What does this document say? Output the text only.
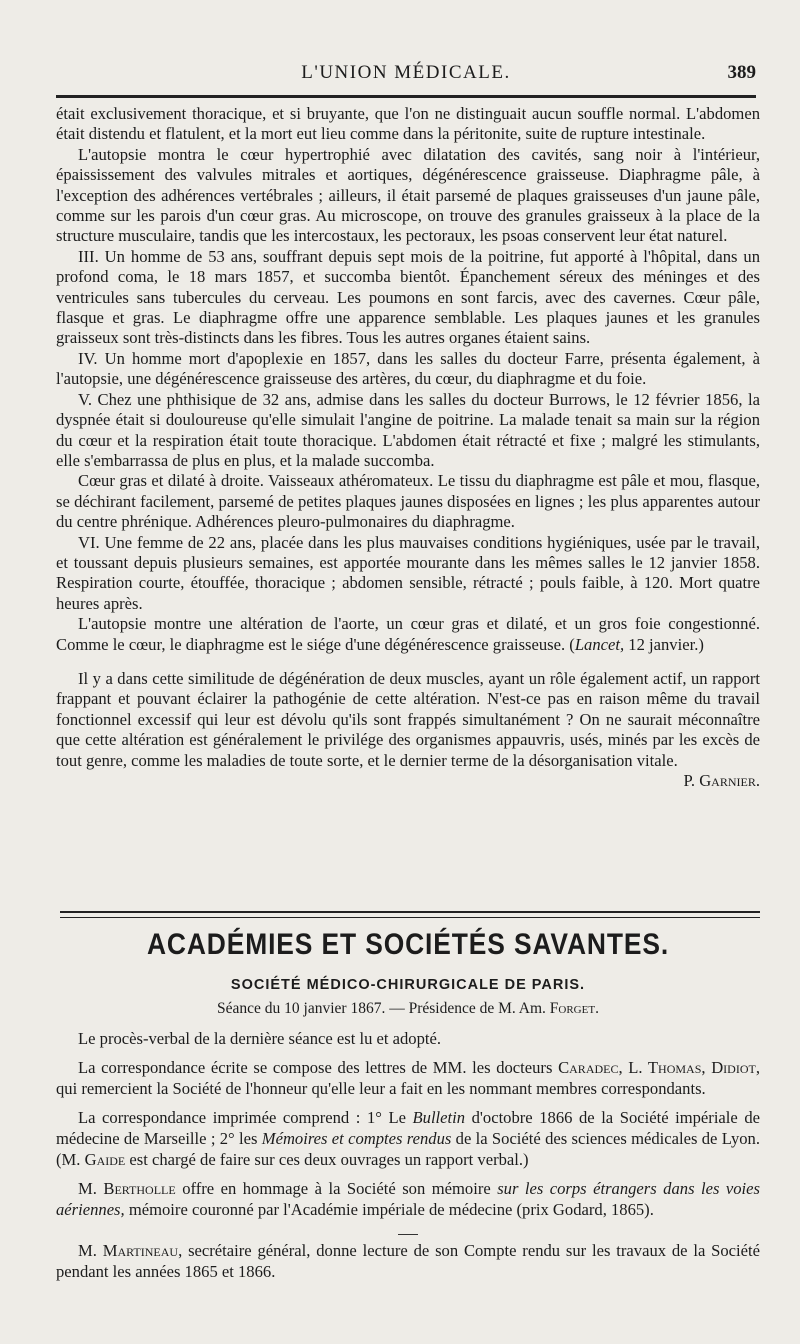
L'UNION MÉDICALE.	389

était exclusivement thoracique, et si bruyante, que l'on ne distinguait aucun souffle normal. L'abdomen était distendu et flatulent, et la mort eut lieu comme dans la péritonite, suite de rupture intestinale.

L'autopsie montra le cœur hypertrophié avec dilatation des cavités, sang noir à l'intérieur, épaississement des valvules mitrales et aortiques, dégénérescence graisseuse. Diaphragme pâle, à l'exception des adhérences vertébrales ; ailleurs, il était parsemé de plaques graisseuses d'un jaune pâle, comme sur les parois d'un cœur gras. Au microscope, on trouve des granules graisseux à la place de la structure musculaire, tandis que les intercostaux, les pectoraux, les psoas conservent leur état naturel.

III. Un homme de 53 ans, souffrant depuis sept mois de la poitrine, fut apporté à l'hôpital, dans un profond coma, le 18 mars 1857, et succomba bientôt. Épanchement séreux des méninges et des ventricules sans tubercules du cerveau. Les poumons en sont farcis, avec des cavernes. Cœur pâle, flasque et gras. Le diaphragme offre une apparence semblable. Les plaques jaunes et les granules graisseux sont très-distincts dans les fibres. Tous les autres organes étaient sains.

IV. Un homme mort d'apoplexie en 1857, dans les salles du docteur Farre, présenta également, à l'autopsie, une dégénérescence graisseuse des artères, du cœur, du diaphragme et du foie.

V. Chez une phthisique de 32 ans, admise dans les salles du docteur Burrows, le 12 février 1856, la dyspnée était si douloureuse qu'elle simulait l'angine de poitrine. La malade tenait sa main sur la région du cœur et la respiration était toute thoracique. L'abdomen était rétracté et fixe ; malgré les stimulants, elle s'embarrassa de plus en plus, et la malade succomba.

Cœur gras et dilaté à droite. Vaisseaux athéromateux. Le tissu du diaphragme est pâle et mou, flasque, se déchirant facilement, parsemé de petites plaques jaunes disposées en lignes ; les plus apparentes autour du centre phrénique. Adhérences pleuro-pulmonaires du diaphragme.

VI. Une femme de 22 ans, placée dans les plus mauvaises conditions hygiéniques, usée par le travail, et toussant depuis plusieurs semaines, est apportée mourante dans les mêmes salles le 12 janvier 1858. Respiration courte, étouffée, thoracique ; abdomen sensible, rétracté ; pouls faible, à 120. Mort quatre heures après.

L'autopsie montre une altération de l'aorte, un cœur gras et dilaté, et un gros foie congestionné. Comme le cœur, le diaphragme est le siége d'une dégénérescence graisseuse. (Lancet, 12 janvier.)

Il y a dans cette similitude de dégénération de deux muscles, ayant un rôle également actif, un rapport frappant et pouvant éclairer la pathogénie de cette altération. N'est-ce pas en raison même du travail fonctionnel excessif qui leur est dévolu qu'ils sont frappés simultanément ? On ne saurait méconnaître que cette altération est généralement le privilége des organismes appauvris, usés, minés par les excès de tout genre, comme les maladies de toute sorte, et le dernier terme de la désorganisation vitale.
P. Garnier.

ACADÉMIES ET SOCIÉTÉS SAVANTES.
SOCIÉTÉ MÉDICO-CHIRURGICALE DE PARIS.

Séance du 10 janvier 1867. — Présidence de M. Am. Forget.

Le procès-verbal de la dernière séance est lu et adopté.

La correspondance écrite se compose des lettres de MM. les docteurs Caradec, L. Thomas, Didiot, qui remercient la Société de l'honneur qu'elle leur a fait en les nommant membres correspondants.

La correspondance imprimée comprend : 1° Le Bulletin d'octobre 1866 de la Société impériale de médecine de Marseille ; 2° les Mémoires et comptes rendus de la Société des sciences médicales de Lyon. (M. Gaide est chargé de faire sur ces deux ouvrages un rapport verbal.)

M. Bertholle offre en hommage à la Société son mémoire sur les corps étrangers dans les voies aériennes, mémoire couronné par l'Académie impériale de médecine (prix Godard, 1865).

M. Martineau, secrétaire général, donne lecture de son Compte rendu sur les travaux de la Société pendant les années 1865 et 1866.
